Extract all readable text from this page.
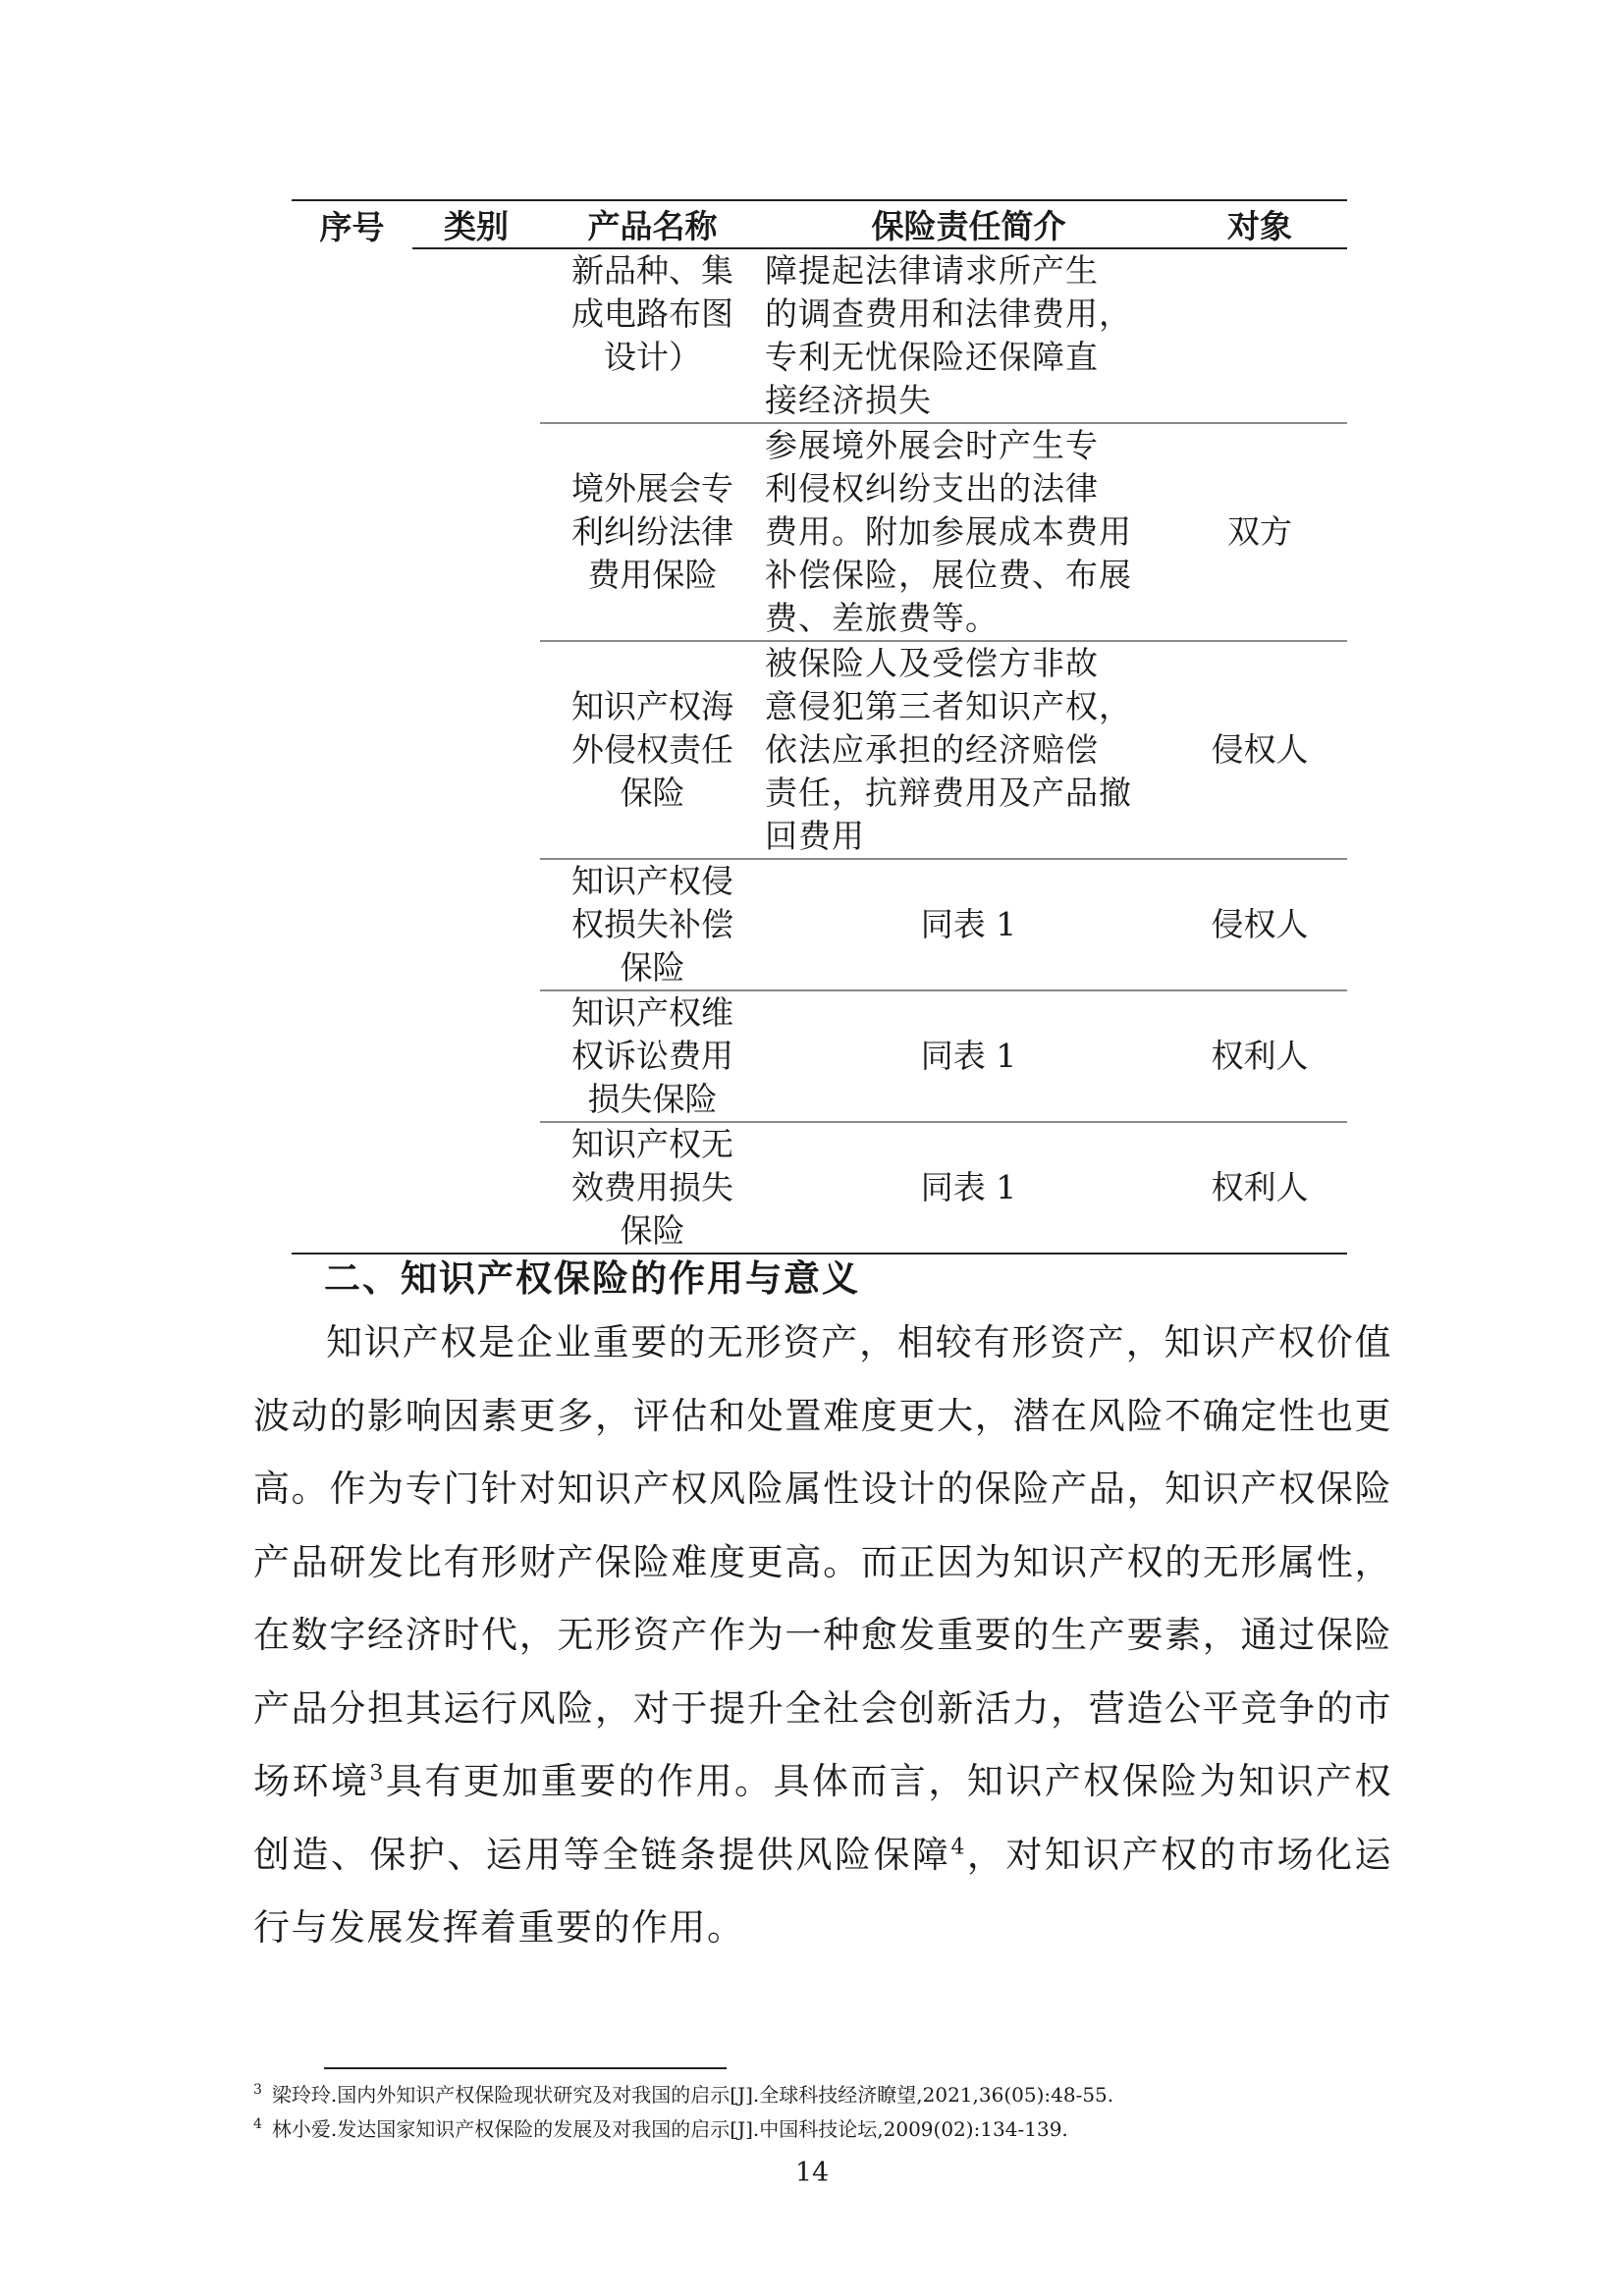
序号	类别	产品名称	保险责任简介	对象
		新品种、集
成电路布图
设计）	障提起法律请求所产生
的调查费用和法律费用，
专利无忧保险还保障直
接经济损失	
		境外展会专
利纠纷法律
费用保险	参展境外展会时产生专
利侵权纠纷支出的法律
费用。附加参展成本费用
补偿保险，展位费、布展
费、差旅费等。	双方
		知识产权海
外侵权责任
保险	被保险人及受偿方非故
意侵犯第三者知识产权，
依法应承担的经济赔偿
责任，抗辩费用及产品撤
回费用	侵权人
		知识产权侵
权损失补偿
保险	同表 1	侵权人
		知识产权维
权诉讼费用
损失保险	同表 1	权利人
		知识产权无
效费用损失
保险	同表 1	权利人
二、知识产权保险的作用与意义

知识产权是企业重要的无形资产，相较有形资产，知识产权价值波动的影响因素更多，评估和处置难度更大，潜在风险不确定性也更高。作为专门针对知识产权风险属性设计的保险产品，知识产权保险产品研发比有形财产保险难度更高。而正因为知识产权的无形属性，在数字经济时代，无形资产作为一种愈发重要的生产要素，通过保险产品分担其运行风险，对于提升全社会创新活力，营造公平竞争的市场环境$^3$具有更加重要的作用。具体而言，知识产权保险为知识产权创造、保护、运用等全链条提供风险保障$^4$，对知识产权的市场化运行与发展发挥着重要的作用。

$^3$ 梁玲玲.国内外知识产权保险现状研究及对我国的启示[J].全球科技经济瞭望,2021,36(05):48-55.
$^4$ 林小爱.发达国家知识产权保险的发展及对我国的启示[J].中国科技论坛,2009(02):134-139.
14
